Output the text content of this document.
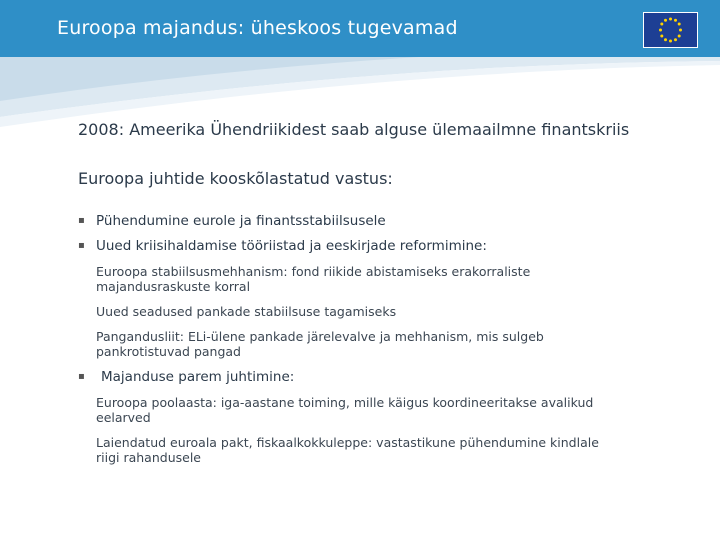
Euroopa majandus: üheskoos tugevamad
2008: Ameerika Ühendriikidest saab alguse ülemaailmne finantskriis
Euroopa juhtide kooskõlastatud vastus:
▪ Pühendumine eurole ja finantsstabiilsusele
▪ Uued kriisihaldamise tööriistad ja eeskirjade reformimine:
Euroopa stabiilsusmehhanism: fond riikide abistamiseks erakorraliste majandusraskuste korral
Uued seadused pankade stabiilsuse tagamiseks
Pangandusliit: ELi-ülene pankade järelevalve ja mehhanism, mis sulgeb pankrotistuvad pangad
▪ Majanduse parem juhtimine:
Euroopa poolaasta: iga-aastane toiming, mille käigus koordineeritakse avalikud eelarved
Laiendatud euroala pakt, fiskaalkokkuleppe: vastastikune pühendumine kindlale riigi rahandusele
